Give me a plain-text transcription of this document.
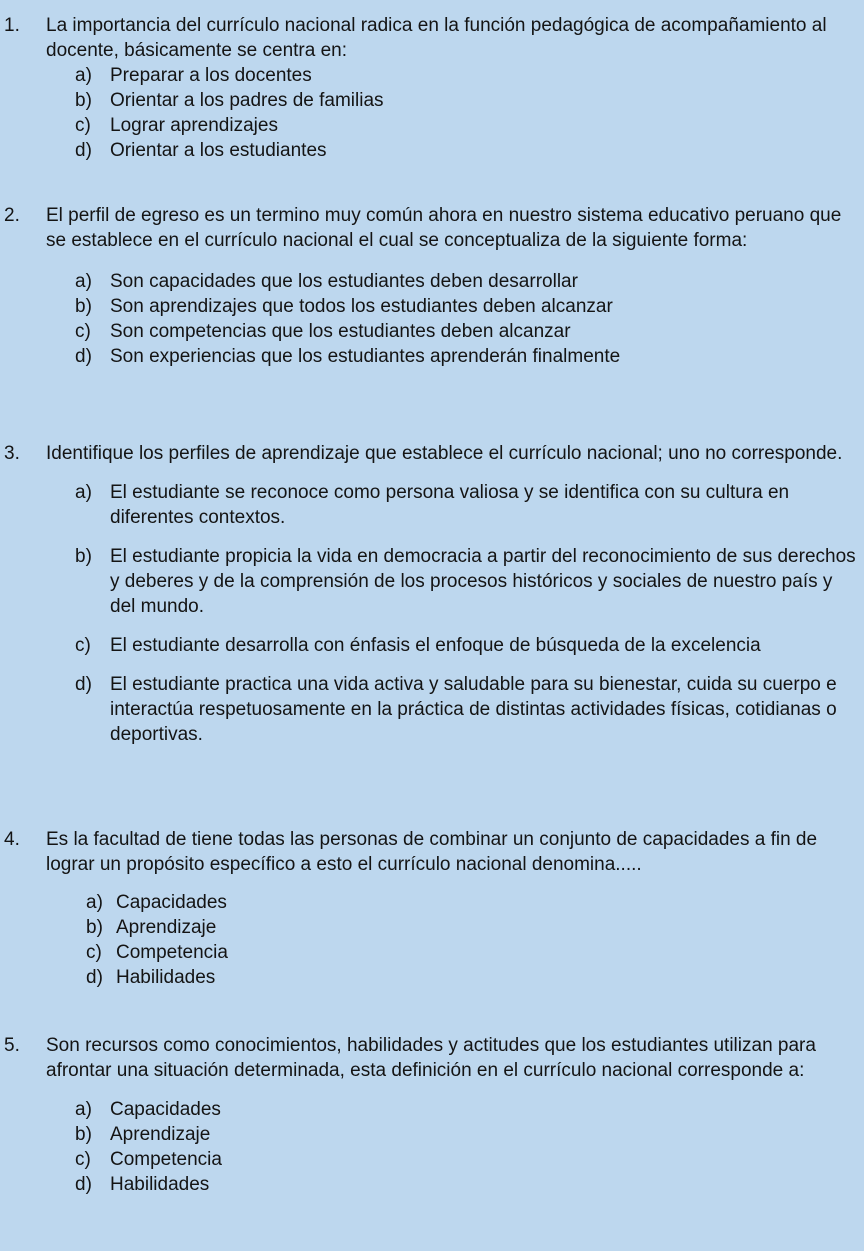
1. La importancia del currículo nacional radica en la función pedagógica de acompañamiento al docente, básicamente se centra en:
a) Preparar a los docentes
b) Orientar a los padres de familias
c) Lograr aprendizajes
d) Orientar a los estudiantes
2. El perfil de egreso es un termino muy común ahora en nuestro sistema educativo peruano que se establece en el currículo nacional el cual se conceptualiza de la siguiente forma:
a) Son capacidades que los estudiantes deben desarrollar
b) Son aprendizajes que todos los estudiantes deben alcanzar
c) Son competencias que los estudiantes deben alcanzar
d) Son experiencias que los estudiantes aprenderán finalmente
3. Identifique los perfiles de aprendizaje que establece el currículo nacional; uno no corresponde.
a) El estudiante se reconoce como persona valiosa y se identifica con su cultura en diferentes contextos.
b) El estudiante propicia la vida en democracia a partir del reconocimiento de sus derechos y deberes y de la comprensión de los procesos históricos y sociales de nuestro país y del mundo.
c) El estudiante desarrolla con énfasis el enfoque de búsqueda de la excelencia
d) El estudiante practica una vida activa y saludable para su bienestar, cuida su cuerpo e interactúa respetuosamente en la práctica de distintas actividades físicas, cotidianas o deportivas.
4. Es la facultad de tiene todas las personas de combinar un conjunto de capacidades a fin de lograr un propósito específico a esto el currículo nacional denomina.....
a) Capacidades
b) Aprendizaje
c) Competencia
d) Habilidades
5. Son recursos como conocimientos, habilidades y actitudes que los estudiantes utilizan para afrontar una situación determinada, esta definición en el currículo nacional corresponde a:
a) Capacidades
b) Aprendizaje
c) Competencia
d) Habilidades
